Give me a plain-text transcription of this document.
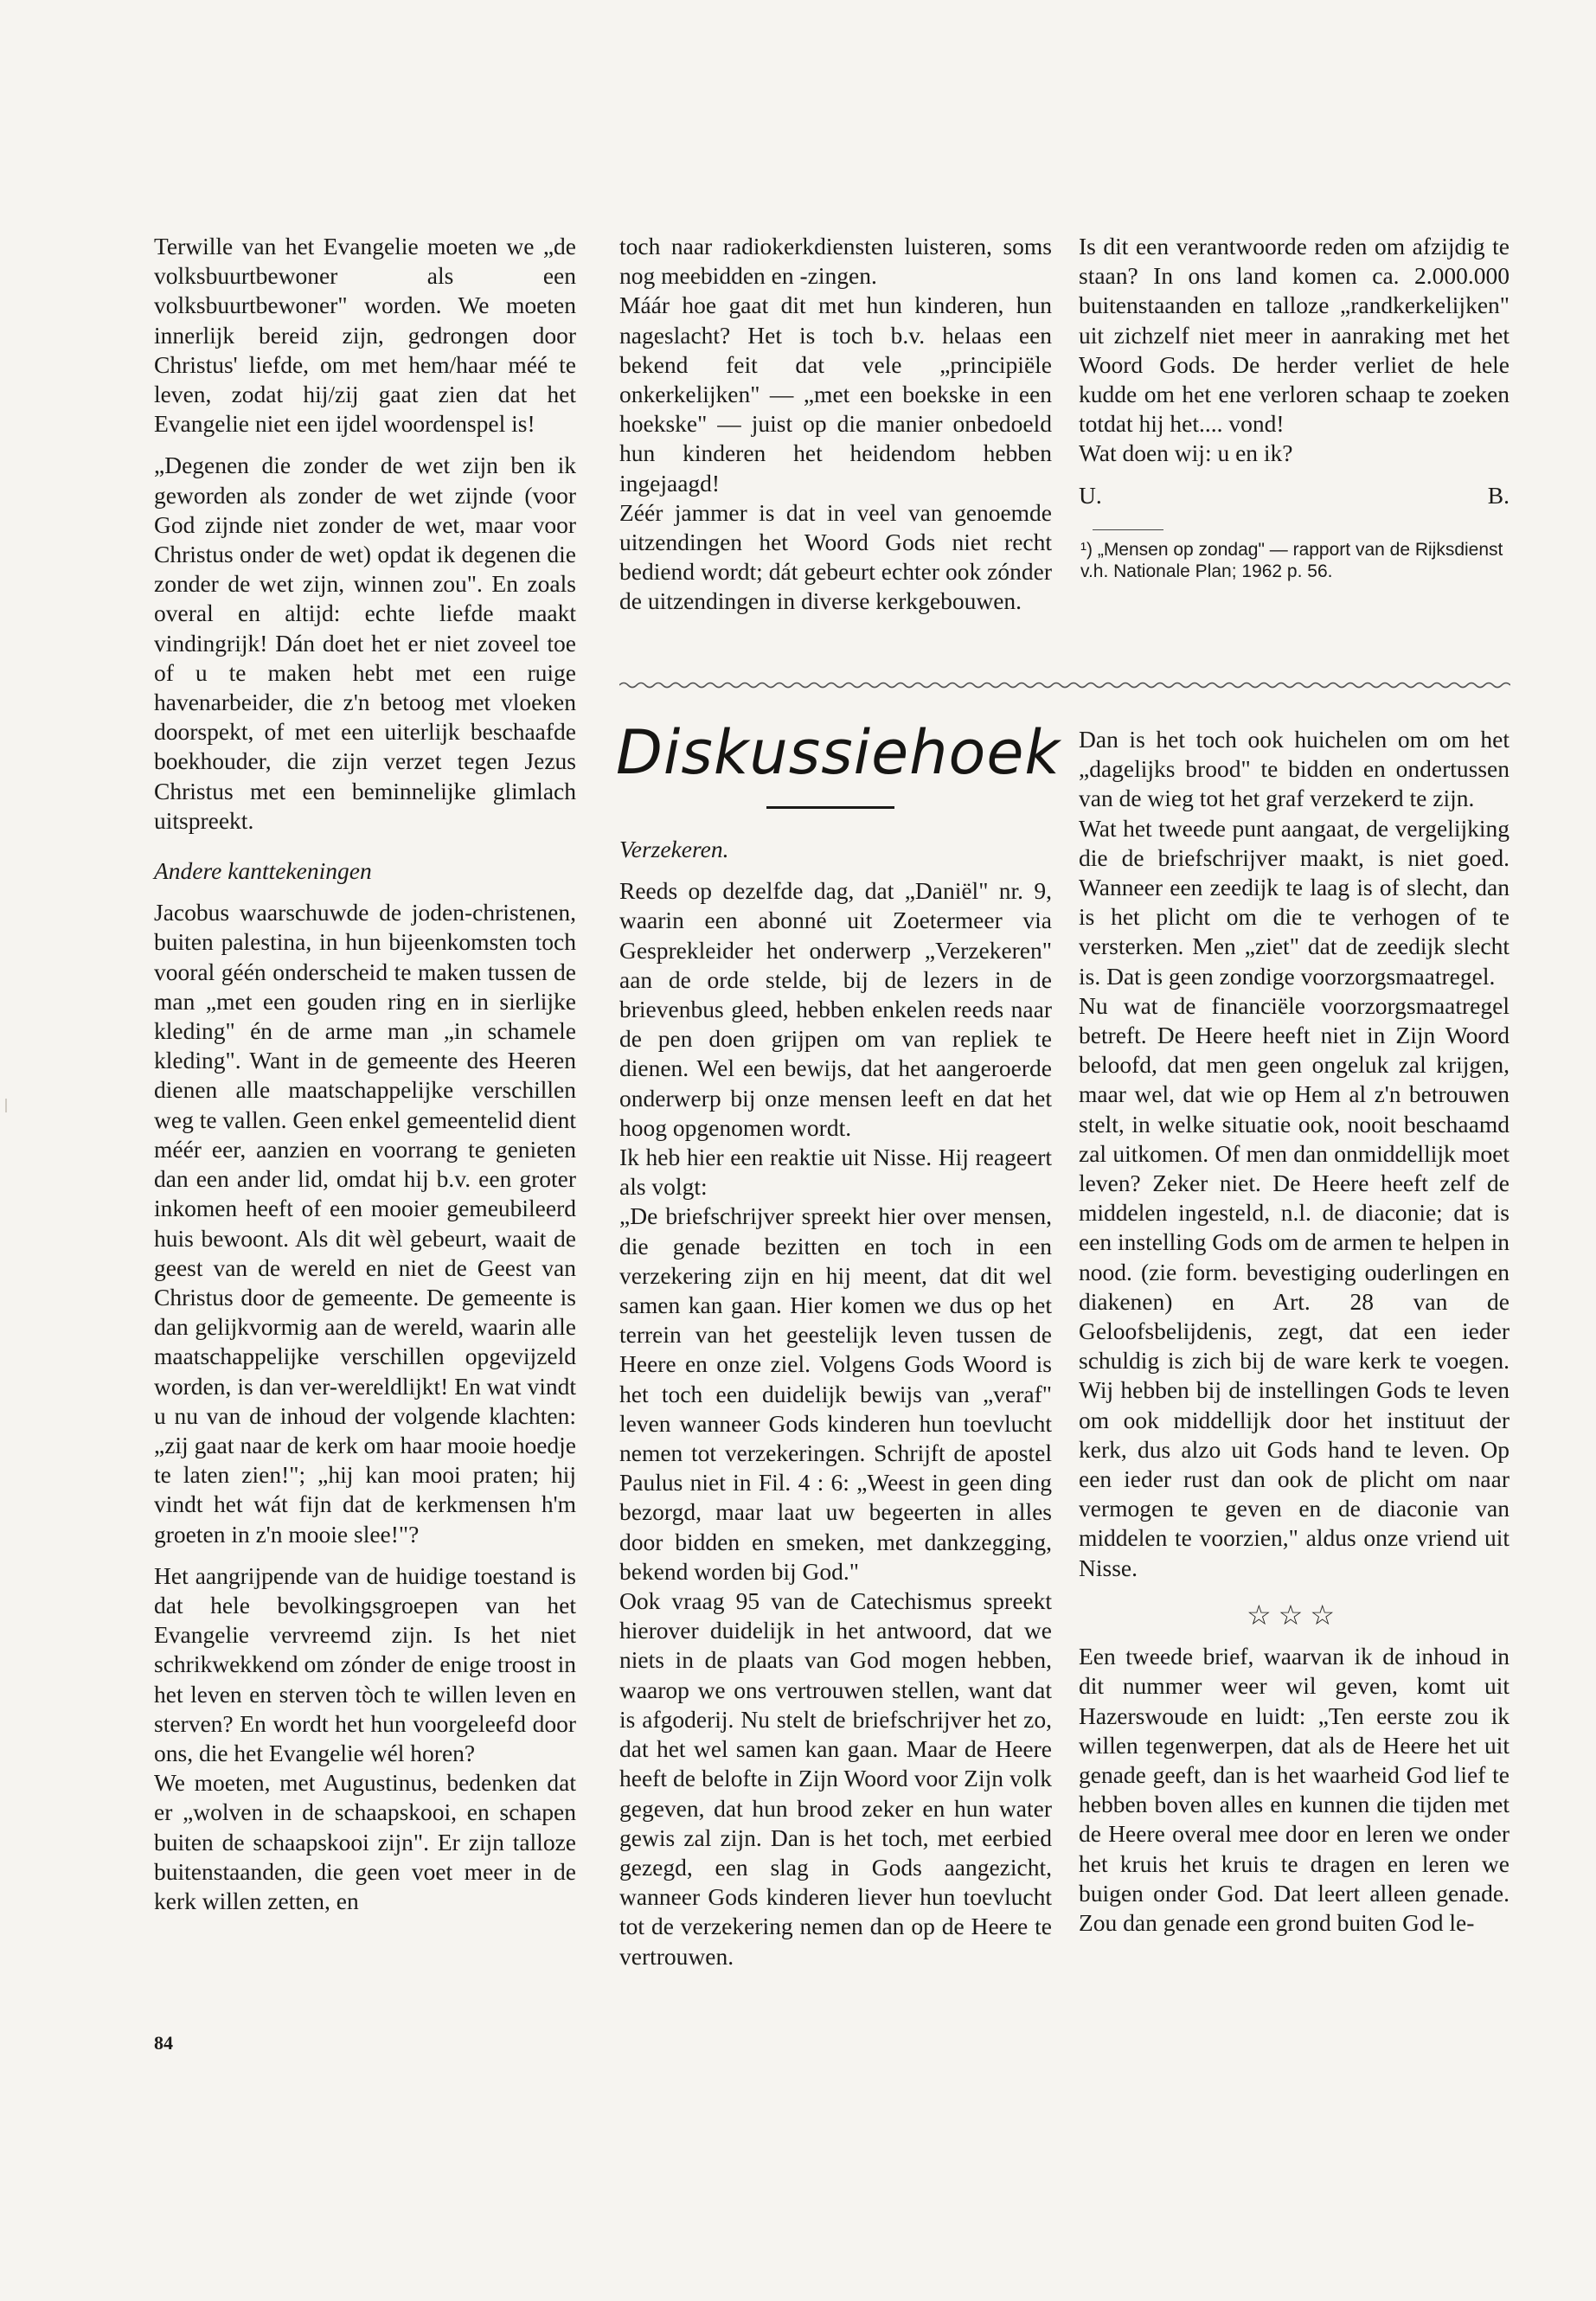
Terwille van het Evangelie moeten we „de volksbuurtbewoner als een volksbuurtbewoner" worden. We moeten innerlijk bereid zijn, gedrongen door Christus' liefde, om met hem/haar méé te leven, zodat hij/zij gaat zien dat het Evangelie niet een ijdel woordenspel is!

„Degenen die zonder de wet zijn ben ik geworden als zonder de wet zijnde (voor God zijnde niet zonder de wet, maar voor Christus onder de wet) opdat ik degenen die zonder de wet zijn, winnen zou". En zoals overal en altijd: echte liefde maakt vindingrijk! Dán doet het er niet zoveel toe of u te maken hebt met een ruige havenarbeider, die z'n betoog met vloeken doorspekt, of met een uiterlijk beschaafde boekhouder, die zijn verzet tegen Jezus Christus met een beminnelijke glimlach uitspreekt.

Andere kanttekeningen

Jacobus waarschuwde de joden-christenen, buiten palestina, in hun bijeenkomsten toch vooral géén onderscheid te maken tussen de man „met een gouden ring en in sierlijke kleding" én de arme man „in schamele kleding". Want in de gemeente des Heeren dienen alle maatschappelijke verschillen weg te vallen. Geen enkel gemeentelid dient méér eer, aanzien en voorrang te genieten dan een ander lid, omdat hij b.v. een groter inkomen heeft of een mooier gemeubileerd huis bewoont. Als dit wèl gebeurt, waait de geest van de wereld en niet de Geest van Christus door de gemeente. De gemeente is dan gelijkvormig aan de wereld, waarin alle maatschappelijke verschillen opgevijzeld worden, is dan ver-wereldlijkt! En wat vindt u nu van de inhoud der volgende klachten: „zij gaat naar de kerk om haar mooie hoedje te laten zien!"; „hij kan mooi praten; hij vindt het wát fijn dat de kerkmensen h'm groeten in z'n mooie slee!"?

Het aangrijpende van de huidige toestand is dat hele bevolkingsgroepen van het Evangelie vervreemd zijn. Is het niet schrikwekkend om zónder de enige troost in het leven en sterven tòch te willen leven en sterven? En wordt het hun voorgeleefd door ons, die het Evangelie wél horen?

We moeten, met Augustinus, bedenken dat er „wolven in de schaapskooi, en schapen buiten de schaapskooi zijn". Er zijn talloze buitenstaanden, die geen voet meer in de kerk willen zetten, en

toch naar radiokerkdiensten luisteren, soms nog meebidden en -zingen.

Máár hoe gaat dit met hun kinderen, hun nageslacht? Het is toch b.v. helaas een bekend feit dat vele „principiële onkerkelijken" — „met een boekske in een hoekske" — juist op die manier onbedoeld hun kinderen het heidendom hebben ingejaagd!

Zéér jammer is dat in veel van genoemde uitzendingen het Woord Gods niet recht bediend wordt; dát gebeurt echter ook zónder de uitzendingen in diverse kerkgebouwen.

Is dit een verantwoorde reden om afzijdig te staan? In ons land komen ca. 2.000.000 buitenstaanden en talloze „randkerkelijken" uit zichzelf niet meer in aanraking met het Woord Gods. De herder verliet de hele kudde om het ene verloren schaap te zoeken totdat hij het.... vond!

Wat doen wij: u en ik?

U.	B.

¹) „Mensen op zondag" — rapport van de Rijksdienst v.h. Nationale Plan; 1962 p. 56.

Diskussiehoek

Verzekeren.

Reeds op dezelfde dag, dat „Daniël" nr. 9, waarin een abonné uit Zoetermeer via Gesprekleider het onderwerp „Verzekeren" aan de orde stelde, bij de lezers in de brievenbus gleed, hebben enkelen reeds naar de pen doen grijpen om van repliek te dienen. Wel een bewijs, dat het aangeroerde onderwerp bij onze mensen leeft en dat het hoog opgenomen wordt.

Ik heb hier een reaktie uit Nisse. Hij reageert als volgt:

„De briefschrijver spreekt hier over mensen, die genade bezitten en toch in een verzekering zijn en hij meent, dat dit wel samen kan gaan. Hier komen we dus op het terrein van het geestelijk leven tussen de Heere en onze ziel. Volgens Gods Woord is het toch een duidelijk bewijs van „veraf" leven wanneer Gods kinderen hun toevlucht nemen tot verzekeringen. Schrijft de apostel Paulus niet in Fil. 4 : 6: „Weest in geen ding bezorgd, maar laat uw begeerten in alles door bidden en smeken, met dankzegging, bekend worden bij God."

Ook vraag 95 van de Catechismus spreekt hierover duidelijk in het antwoord, dat we niets in de plaats van God mogen hebben, waarop we ons vertrouwen stellen, want dat is afgoderij. Nu stelt de briefschrijver het zo, dat het wel samen kan gaan. Maar de Heere heeft de belofte in Zijn Woord voor Zijn volk gegeven, dat hun brood zeker en hun water gewis zal zijn. Dan is het toch, met eerbied gezegd, een slag in Gods aangezicht, wanneer Gods kinderen liever hun toevlucht tot de verzekering nemen dan op de Heere te vertrouwen.

Dan is het toch ook huichelen om om het „dagelijks brood" te bidden en ondertussen van de wieg tot het graf verzekerd te zijn.

Wat het tweede punt aangaat, de vergelijking die de briefschrijver maakt, is niet goed. Wanneer een zeedijk te laag is of slecht, dan is het plicht om die te verhogen of te versterken. Men „ziet" dat de zeedijk slecht is. Dat is geen zondige voorzorgsmaatregel.

Nu wat de financiële voorzorgsmaatregel betreft. De Heere heeft niet in Zijn Woord beloofd, dat men geen ongeluk zal krijgen, maar wel, dat wie op Hem al z'n betrouwen stelt, in welke situatie ook, nooit beschaamd zal uitkomen. Of men dan onmiddellijk moet leven? Zeker niet. De Heere heeft zelf de middelen ingesteld, n.l. de diaconie; dat is een instelling Gods om de armen te helpen in nood. (zie form. bevestiging ouderlingen en diakenen) en Art. 28 van de Geloofsbelijdenis, zegt, dat een ieder schuldig is zich bij de ware kerk te voegen. Wij hebben bij de instellingen Gods te leven om ook middellijk door het instituut der kerk, dus alzo uit Gods hand te leven. Op een ieder rust dan ook de plicht om naar vermogen te geven en de diaconie van middelen te voorzien," aldus onze vriend uit Nisse.

☆☆☆

Een tweede brief, waarvan ik de inhoud in dit nummer weer wil geven, komt uit Hazerswoude en luidt: „Ten eerste zou ik willen tegenwerpen, dat als de Heere het uit genade geeft, dan is het waarheid God lief te hebben boven alles en kunnen die tijden met de Heere overal mee door en leren we onder het kruis het kruis te dragen en leren we buigen onder God. Dat leert alleen genade. Zou dan genade een grond buiten God le-

84
